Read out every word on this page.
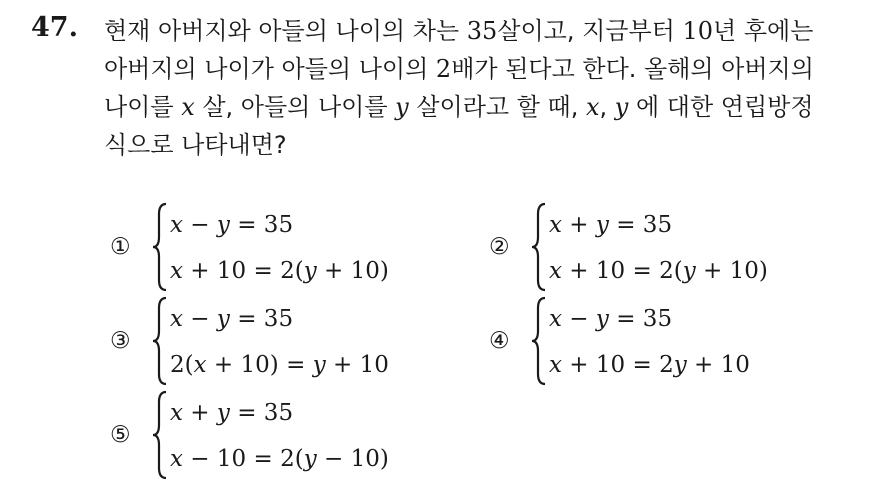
47. 현재 아버지와 아들의 나이의 차는 35살이고, 지금부터 10년 후에는
아버지의 나이가 아들의 나이의 2배가 된다고 한다. 올해의 아버지의
나이를 x 살, 아들의 나이를 y 살이라고 할 때, x, y 에 대한 연립방정
식으로 나타내면?
①
x − y = 35
x + 10 = 2(y + 10)
②
x + y = 35
x + 10 = 2(y + 10)
③
x − y = 35
2(x + 10) = y + 10
④
x − y = 35
x + 10 = 2y + 10
⑤
x + y = 35
x − 10 = 2(y − 10)
